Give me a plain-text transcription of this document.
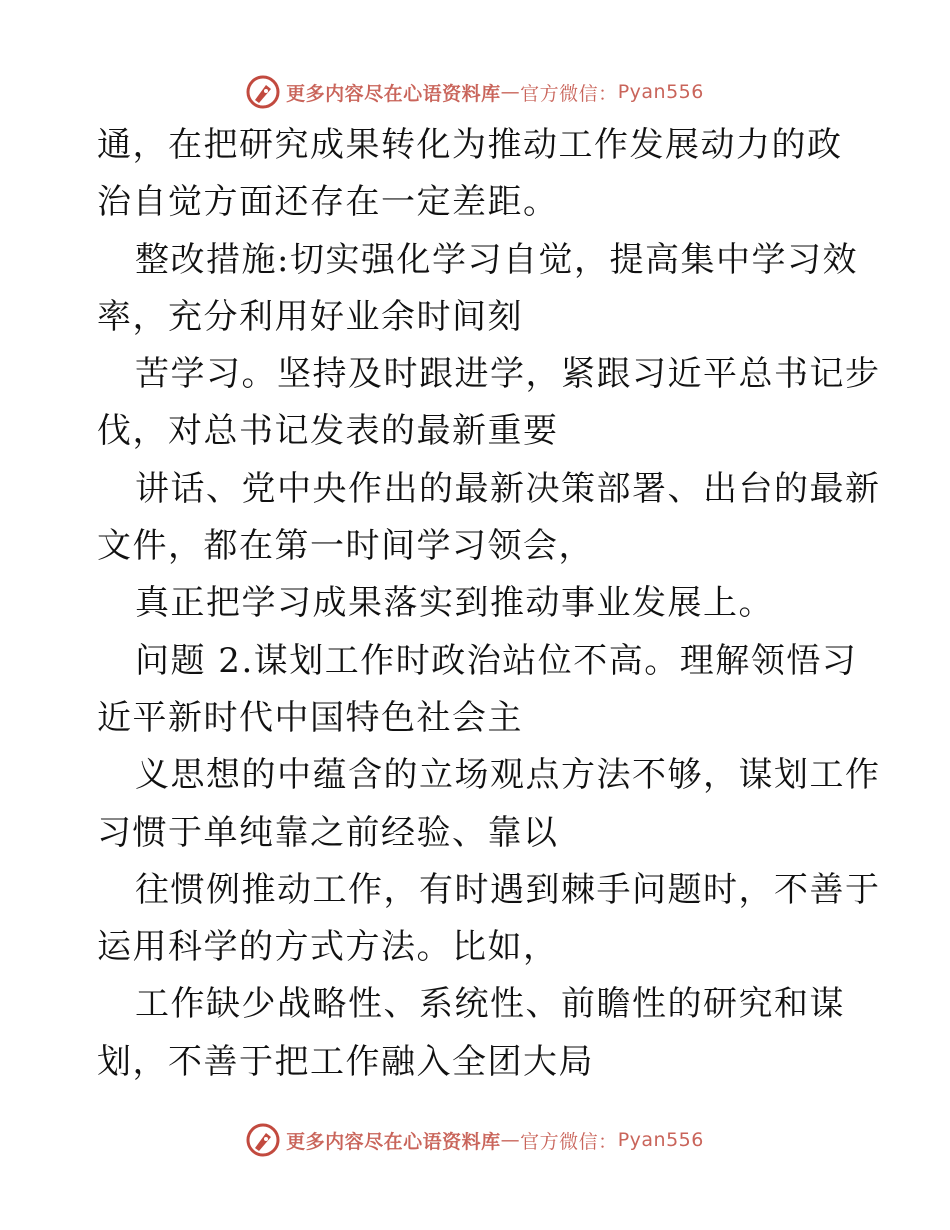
更多内容尽在心语资料库 — 官方微信： Pyan556
通，在把研究成果转化为推动工作发展动力的政
治自觉方面还存在一定差距。
整改措施:切实强化学习自觉，提高集中学习效
率，充分利用好业余时间刻
苦学习。坚持及时跟进学，紧跟习近平总书记步
伐，对总书记发表的最新重要
讲话、党中央作出的最新决策部署、出台的最新
文件，都在第一时间学习领会，
真正把学习成果落实到推动事业发展上。
问题 2.谋划工作时政治站位不高。理解领悟习
近平新时代中国特色社会主
义思想的中蕴含的立场观点方法不够，谋划工作
习惯于单纯靠之前经验、靠以
往惯例推动工作，有时遇到棘手问题时，不善于
运用科学的方式方法。比如，
工作缺少战略性、系统性、前瞻性的研究和谋
划，不善于把工作融入全团大局
更多内容尽在心语资料库 — 官方微信： Pyan556
